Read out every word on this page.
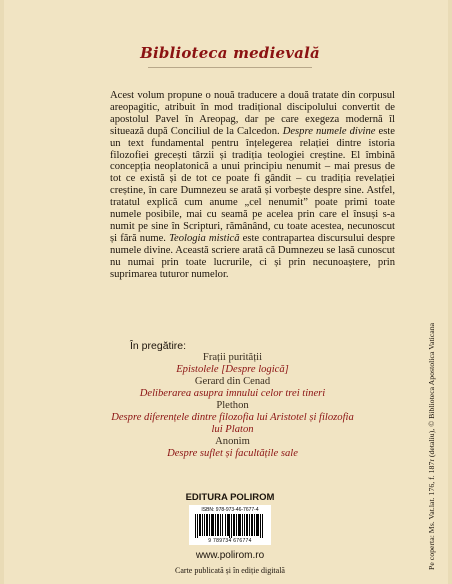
Biblioteca medievală

Acest volum propune o nouă traducere a două tratate din corpusul areopagitic, atribuit în mod tradițional discipolului convertit de apostolul Pavel în Areopag, dar pe care exegeza modernă îl situează după Conciliul de la Calcedon. Despre numele divine este un text fundamental pentru înțelegerea relației dintre istoria filozofiei grecești târzii și tradiția teologiei creștine. El îmbină concepția neoplatonică a unui principiu nenumit – mai presus de tot ce există și de tot ce poate fi gândit – cu tradiția revelației creștine, în care Dumnezeu se arată și vorbește despre sine. Astfel, tratatul explică cum anume „cel nenumit” poate primi toate numele posibile, mai cu seamă pe acelea prin care el însuși s-a numit pe sine în Scripturi, rămânând, cu toate acestea, necunoscut și fără nume. Teologia mistică este contrapartea discursului despre numele divine. Această scriere arată că Dumnezeu se lasă cunoscut nu numai prin toate lucrurile, ci și prin necunoaștere, prin suprimarea tuturor numelor.

În pregătire:
Frații purității
Epistolele [Despre logică]
Gerard din Cenad
Deliberarea asupra imnului celor trei tineri
Plethon
Despre diferențele dintre filozofia lui Aristotel și filozofia lui Platon
Anonim
Despre suflet și facultățile sale	Pe coperta: Ms. Vat.lat. 176, f. 187r (detaliu), © Biblioteca Apostolica Vaticana
EDITURA POLIROM
ISBN: 978-973-46-7677-4
9 789734 676774
www.polirom.ro
Carte publicată și în ediție digitală
